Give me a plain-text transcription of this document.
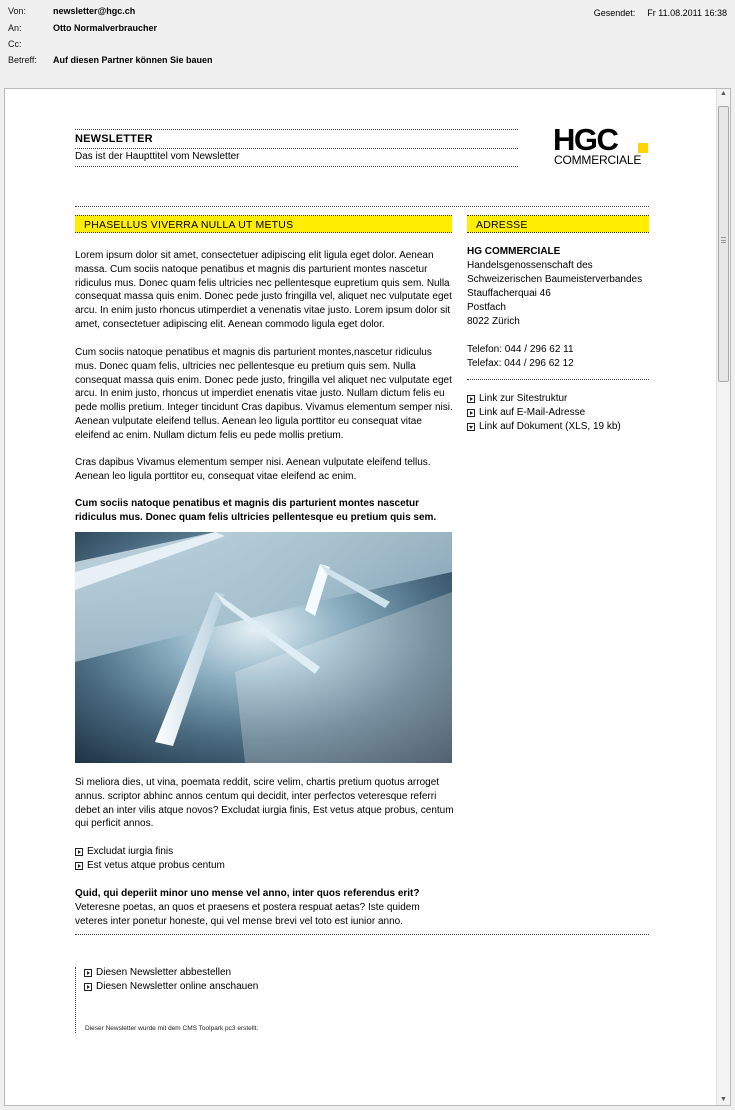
Von:	newsletter@hgc.ch
An:	Otto Normalverbraucher
Cc:
Betreff:	Auf diesen Partner können Sie bauen
Gesendet: Fr 11.08.2011 16:38
NEWSLETTER
Das ist der Haupttitel vom Newsletter	HGC
COMMERCIALE
PHASELLUS VIVERRA NULLA UT METUS

Lorem ipsum dolor sit amet, consectetuer adipiscing elit ligula eget dolor. Aenean massa. Cum sociis natoque penatibus et magnis dis parturient montes nascetur ridiculus mus. Donec quam felis ultricies nec pellentesque eupretium quis sem. Nulla consequat massa quis enim. Donec pede justo fringilla vel, aliquet nec vulputate eget arcu. In enim justo rhoncus utimperdiet a venenatis vitae justo. Lorem ipsum dolor sit amet, consectetuer adipiscing elit. Aenean commodo ligula eget dolor.

Cum sociis natoque penatibus et magnis dis parturient montes,nascetur ridiculus mus. Donec quam felis, ultricies nec pellentesque eu pretium quis sem. Nulla consequat massa quis enim. Donec pede justo, fringilla vel aliquet nec vulputate eget arcu. In enim justo, rhoncus ut imperdiet enenatis vitae justo. Nullam dictum felis eu pede mollis pretium. Integer tincidunt Cras dapibus. Vivamus elementum semper nisi. Aenean vulputate eleifend tellus. Aenean leo ligula porttitor eu consequat vitae eleifend ac enim. Nullam dictum felis eu pede mollis pretium.

Cras dapibus Vivamus elementum semper nisi. Aenean vulputate eleifend tellus. Aenean leo ligula porttitor eu, consequat vitae eleifend ac enim.

Cum sociis natoque penatibus et magnis dis parturient montes nascetur ridiculus mus. Donec quam felis ultricies pellentesque eu pretium quis sem.

Si meliora dies, ut vina, poemata reddit, scire velim, chartis pretium quotus arroget annus. scriptor abhinc annos centum qui decidit, inter perfectos veteresque referri debet an inter vilis atque novos? Excludat iurgia finis, Est vetus atque probus, centum qui perficit annos.

Excludat iurgia finis
Est vetus atque probus centum

Quid, qui deperiit minor uno mense vel anno, inter quos referendus erit?

Veteresne poetas, an quos et praesens et postera respuat aetas? Iste quidem veteres inter ponetur honeste, qui vel mense brevi vel toto est iunior anno.

ADRESSE
HG COMMERCIALE
Handelsgenossenschaft des
Schweizerischen Baumeisterverbandes
Stauffacherquai 46
Postfach
8022 Zürich
Telefon: 044 / 296 62 11
Telefax: 044 / 296 62 12
Link zur Sitestruktur
Link auf E-Mail-Adresse
Link auf Dokument (XLS, 19 kb)
Diesen Newsletter abbestellen
Diesen Newsletter online anschauen
Dieser Newsletter wurde mit dem CMS Toolpark pc3 erstellt.
▲
▼
